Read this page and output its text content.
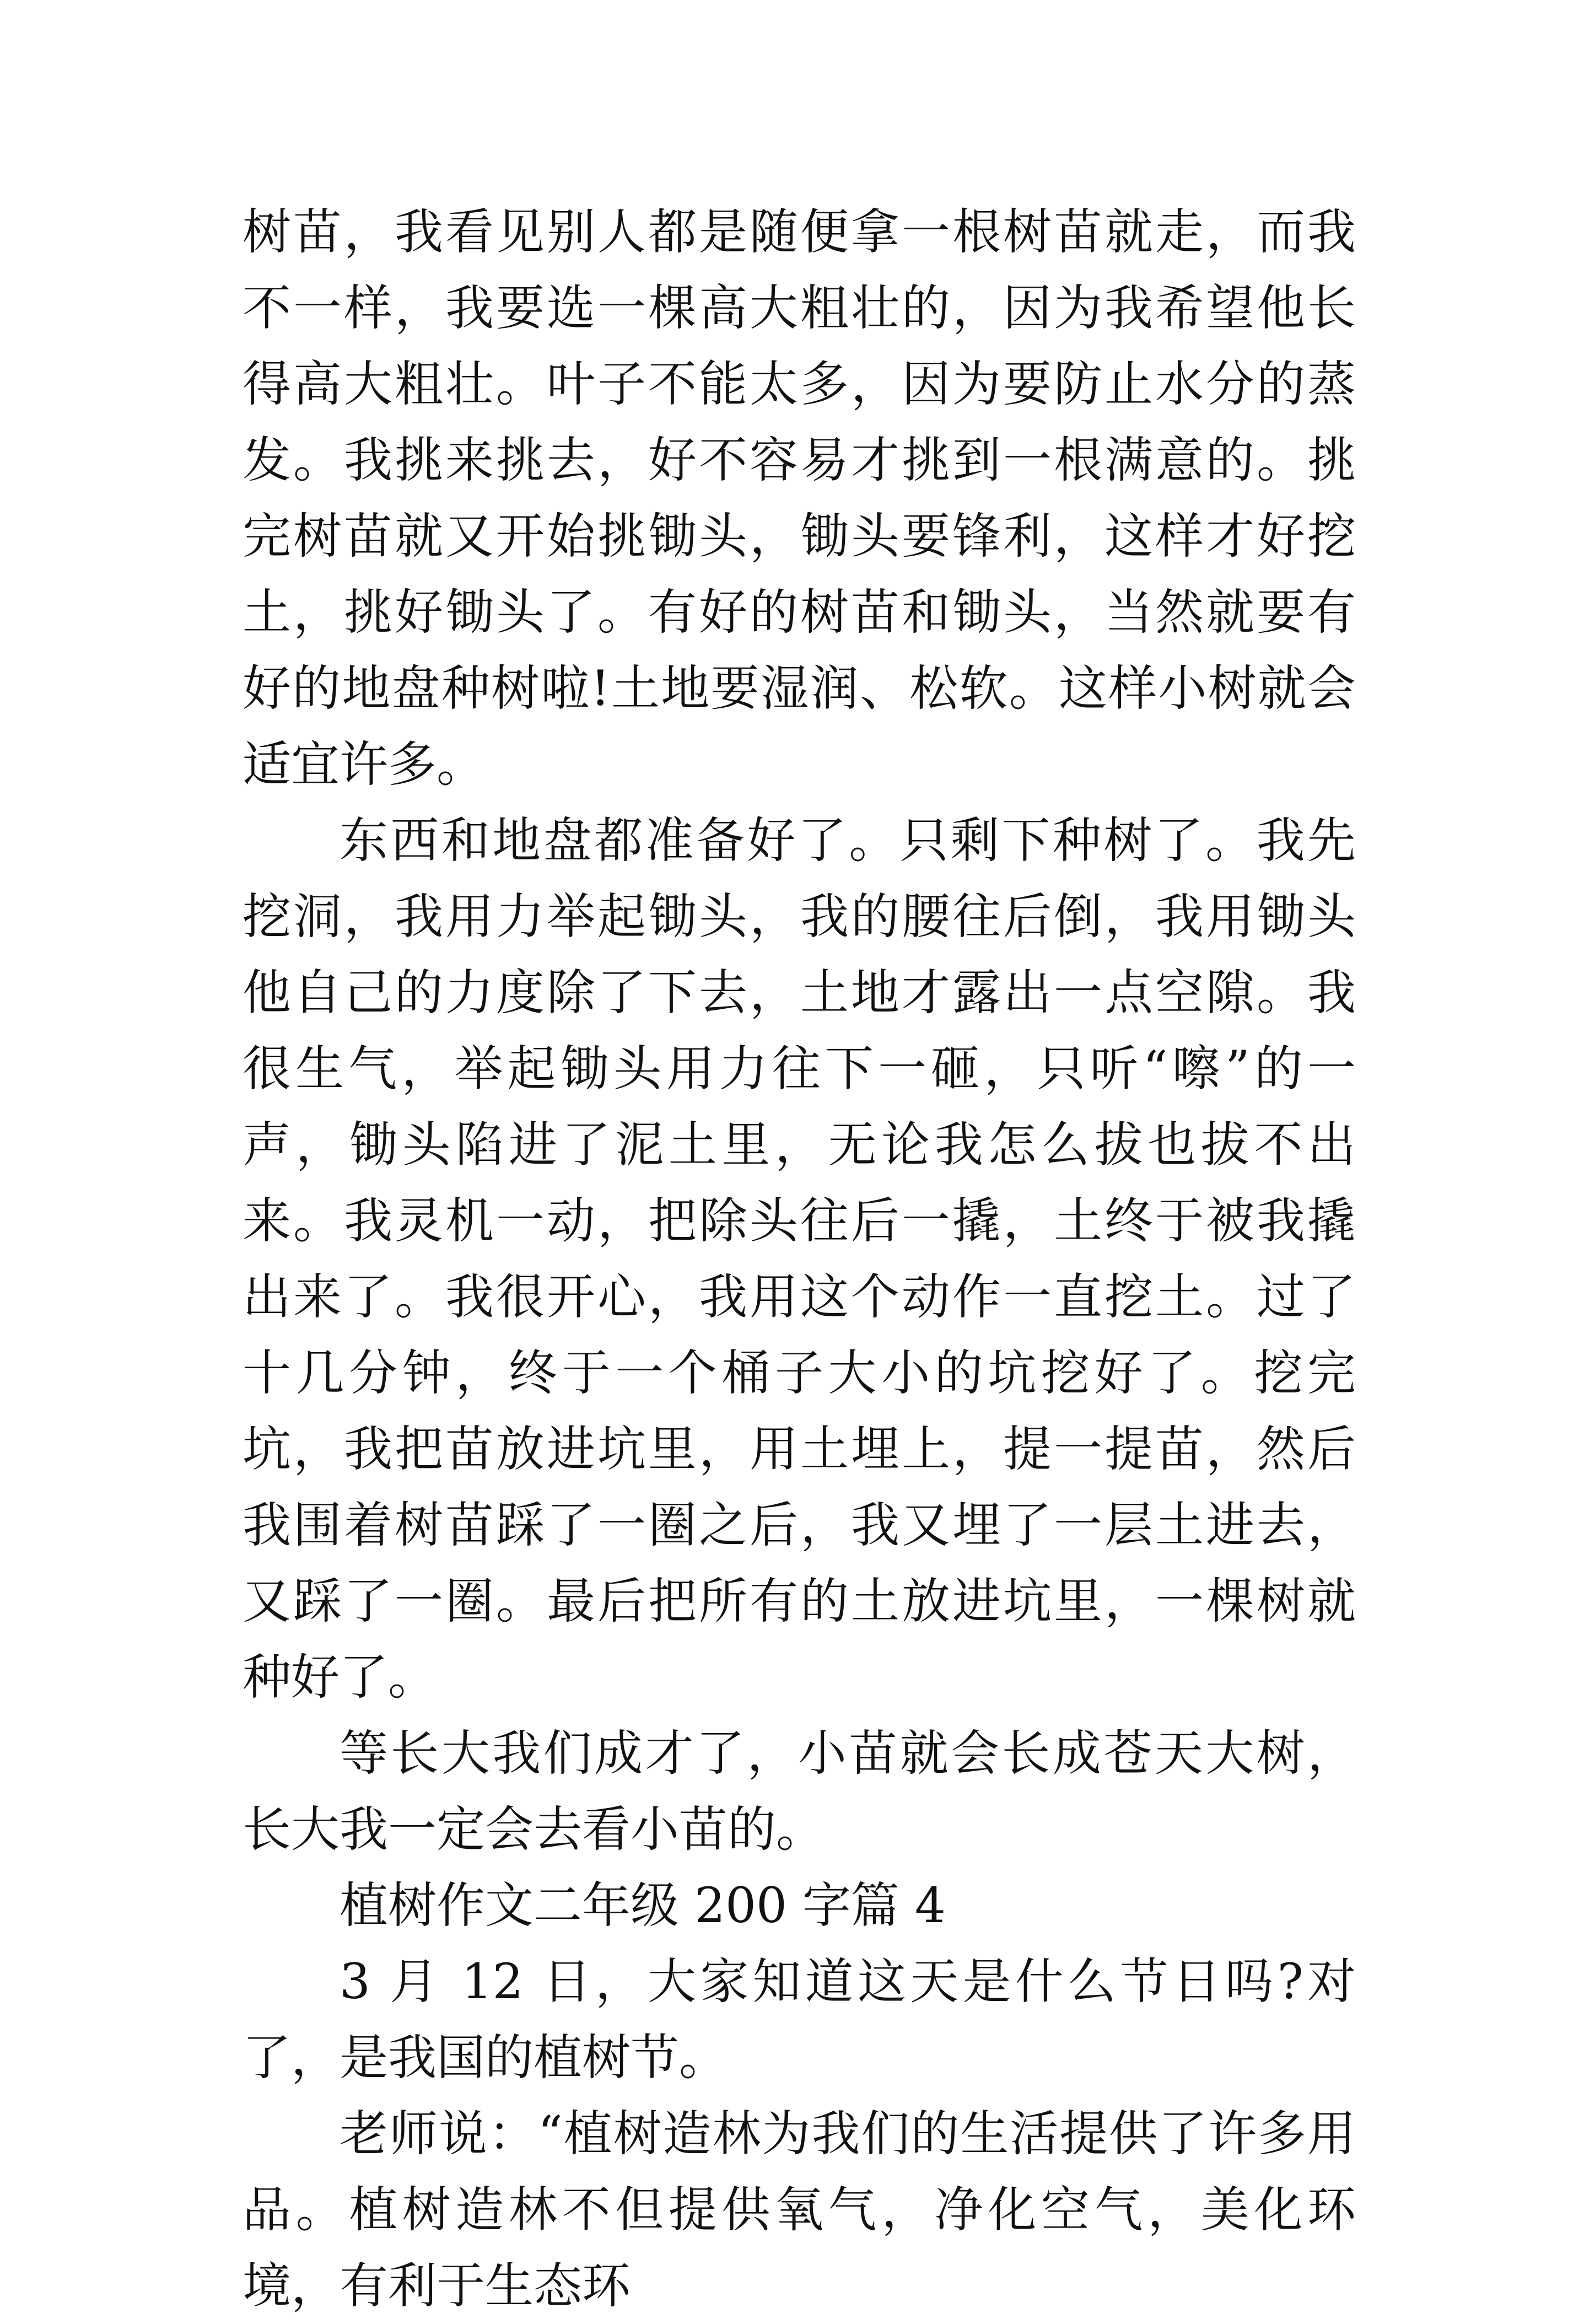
树苗，我看见别人都是随便拿一根树苗就走，而我不一样，我要选一棵高大粗壮的，因为我希望他长得高大粗壮。叶子不能太多，因为要防止水分的蒸发。我挑来挑去，好不容易才挑到一根满意的。挑完树苗就又开始挑锄头，锄头要锋利，这样才好挖土，挑好锄头了。有好的树苗和锄头，当然就要有好的地盘种树啦!土地要湿润、松软。这样小树就会适宜许多。

东西和地盘都准备好了。只剩下种树了。我先挖洞，我用力举起锄头，我的腰往后倒，我用锄头他自己的力度除了下去，土地才露出一点空隙。我很生气，举起锄头用力往下一砸，只听“嚓”的一声，锄头陷进了泥土里，无论我怎么拔也拔不出来。我灵机一动，把除头往后一撬，土终于被我撬出来了。我很开心，我用这个动作一直挖土。过了十几分钟，终于一个桶子大小的坑挖好了。挖完坑，我把苗放进坑里，用土埋上，提一提苗，然后我围着树苗踩了一圈之后，我又埋了一层土进去，又踩了一圈。最后把所有的土放进坑里，一棵树就种好了。

等长大我们成才了，小苗就会长成苍天大树，长大我一定会去看小苗的。

植树作文二年级 200 字篇 4

3 月 12 日，大家知道这天是什么节日吗?对了，是我国的植树节。

老师说：“植树造林为我们的生活提供了许多用品。植树造林不但提供氧气，净化空气，美化环境，有利于生态环
